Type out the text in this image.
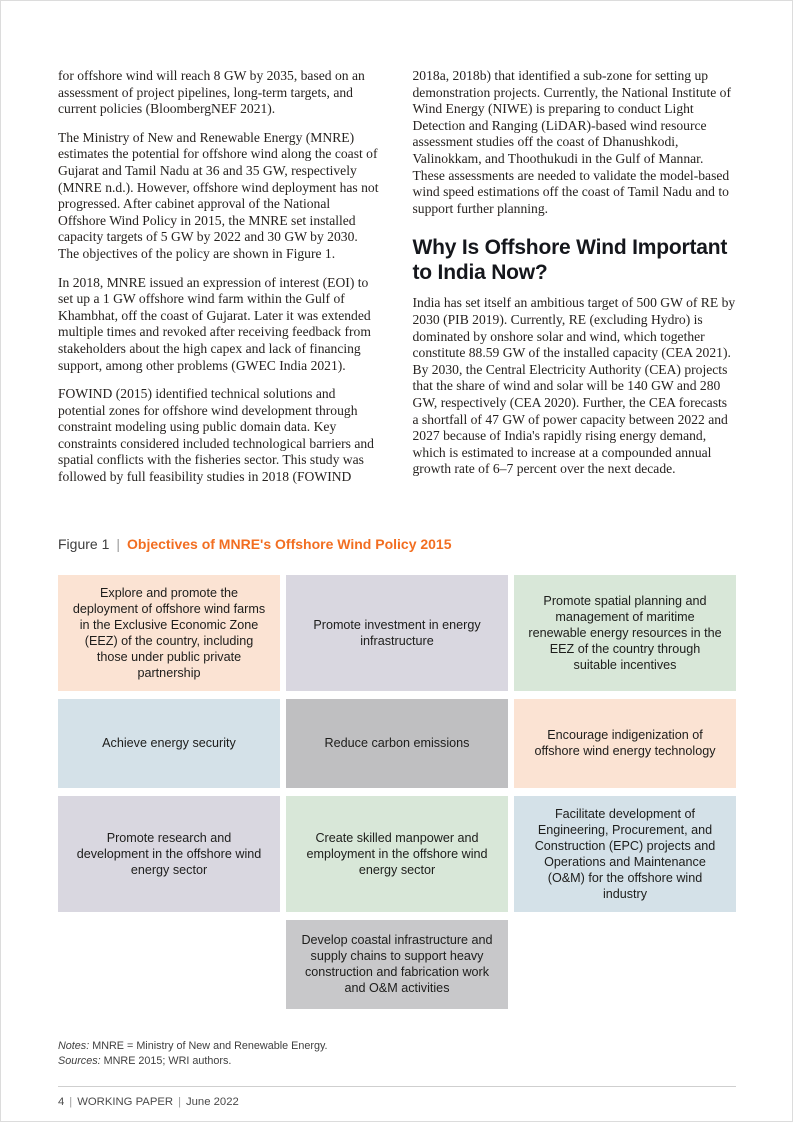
for offshore wind will reach 8 GW by 2035, based on an assessment of project pipelines, long-term targets, and current policies (BloombergNEF 2021).

The Ministry of New and Renewable Energy (MNRE) estimates the potential for offshore wind along the coast of Gujarat and Tamil Nadu at 36 and 35 GW, respectively (MNRE n.d.). However, offshore wind deployment has not progressed. After cabinet approval of the National Offshore Wind Policy in 2015, the MNRE set installed capacity targets of 5 GW by 2022 and 30 GW by 2030. The objectives of the policy are shown in Figure 1.

In 2018, MNRE issued an expression of interest (EOI) to set up a 1 GW offshore wind farm within the Gulf of Khambhat, off the coast of Gujarat. Later it was extended multiple times and revoked after receiving feedback from stakeholders about the high capex and lack of financing support, among other problems (GWEC India 2021).

FOWIND (2015) identified technical solutions and potential zones for offshore wind development through constraint modeling using public domain data. Key constraints considered included technological barriers and spatial conflicts with the fisheries sector. This study was followed by full feasibility studies in 2018 (FOWIND

2018a, 2018b) that identified a sub-zone for setting up demonstration projects. Currently, the National Institute of Wind Energy (NIWE) is preparing to conduct Light Detection and Ranging (LiDAR)-based wind resource assessment studies off the coast of Dhanushkodi, Valinokkam, and Thoothukudi in the Gulf of Mannar. These assessments are needed to validate the model-based wind speed estimations off the coast of Tamil Nadu and to support further planning.

Why Is Offshore Wind Important to India Now?

India has set itself an ambitious target of 500 GW of RE by 2030 (PIB 2019). Currently, RE (excluding Hydro) is dominated by onshore solar and wind, which together constitute 88.59 GW of the installed capacity (CEA 2021). By 2030, the Central Electricity Authority (CEA) projects that the share of wind and solar will be 140 GW and 280 GW, respectively (CEA 2020). Further, the CEA forecasts a shortfall of 47 GW of power capacity between 2022 and 2027 because of India's rapidly rising energy demand, which is estimated to increase at a compounded annual growth rate of 6–7 percent over the next decade.

Figure 1 | Objectives of MNRE's Offshore Wind Policy 2015
Explore and promote the deployment of offshore wind farms in the Exclusive Economic Zone (EEZ) of the country, including those under public private partnership
Promote investment in energy infrastructure
Promote spatial planning and management of maritime renewable energy resources in the EEZ of the country through suitable incentives
Achieve energy security	Reduce carbon emissions
Encourage indigenization of offshore wind energy technology
Promote research and development in the offshore wind energy sector
Create skilled manpower and employment in the offshore wind energy sector
Facilitate development of Engineering, Procurement, and Construction (EPC) projects and Operations and Maintenance (O&M) for the offshore wind industry
Develop coastal infrastructure and supply chains to support heavy construction and fabrication work and O&M activities

Notes: MNRE = Ministry of New and Renewable Energy.

Sources: MNRE 2015; WRI authors.

4 | WORKING PAPER | June 2022
